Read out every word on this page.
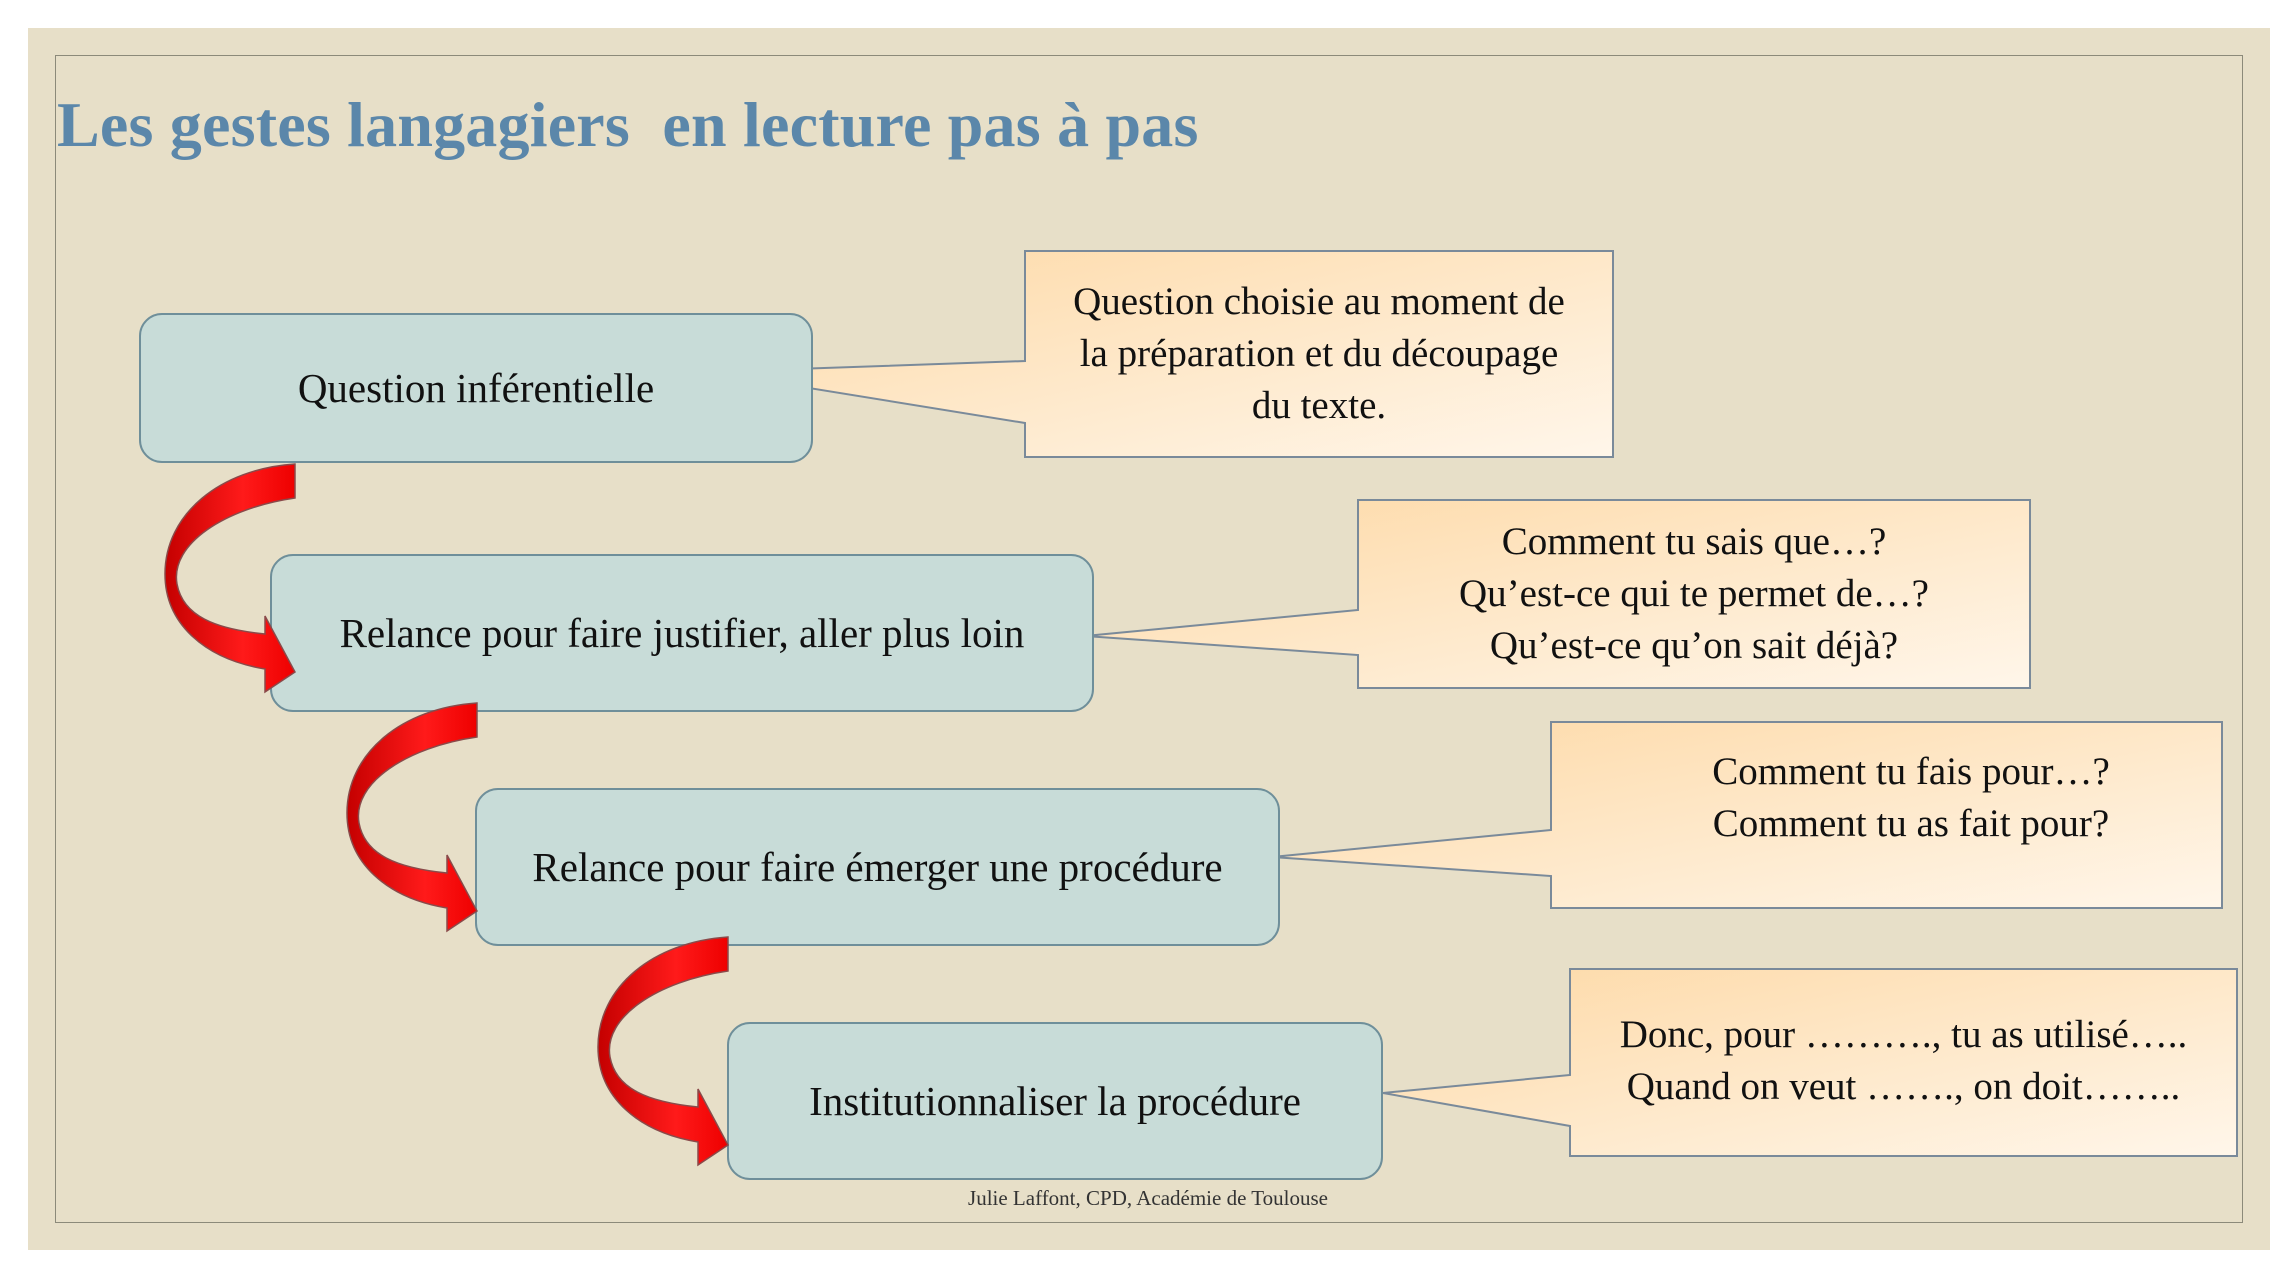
Les gestes langagiers  en lecture pas à pas
Question inférentielle
Relance pour faire justifier, aller plus loin
Relance pour faire émerger une procédure
Institutionnaliser la procédure
Question choisie au moment de
la préparation et du découpage
du texte.
Comment tu sais que…?
Qu’est-ce qui te permet de…?
Qu’est-ce qu’on sait déjà?
Comment tu fais pour…?
Comment tu as fait pour?
Donc, pour ………., tu as utilisé…..
Quand on veut ……., on doit……..
Julie Laffont, CPD, Académie de Toulouse
